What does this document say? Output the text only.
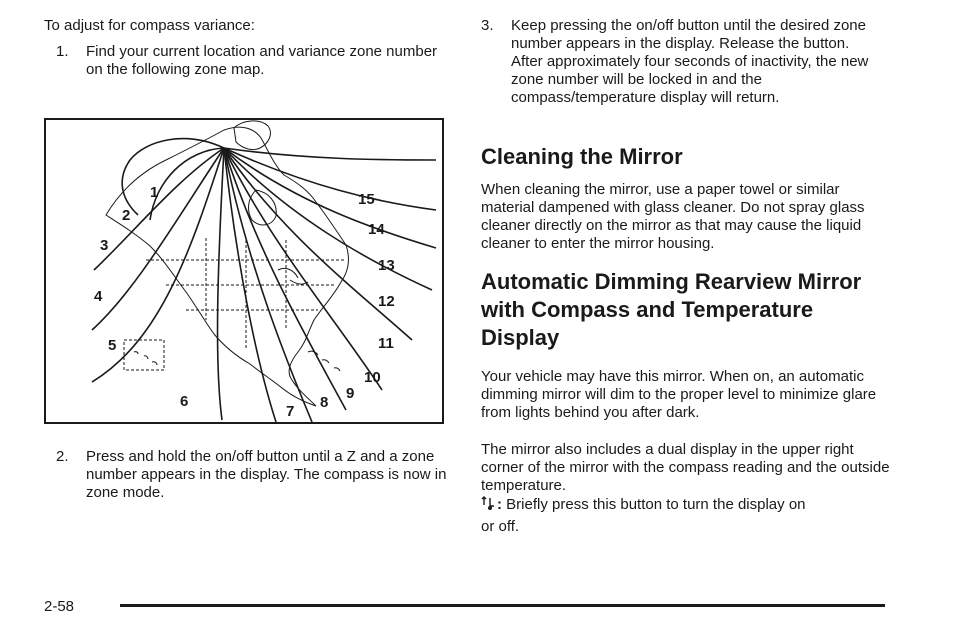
To adjust for compass variance:

1. Find your current location and variance zone number on the following zone map.
1
2
3
4
5
6
7
8
9
10
11
12
13
14
15
2. Press and hold the on/off button until a Z and a zone number appears in the display. The compass is now in zone mode.
3. Keep pressing the on/off button until the desired zone number appears in the display. Release the button. After approximately four seconds of inactivity, the new zone number will be locked in and the compass/temperature display will return.
Cleaning the Mirror

When cleaning the mirror, use a paper towel or similar material dampened with glass cleaner. Do not spray glass cleaner directly on the mirror as that may cause the liquid cleaner to enter the mirror housing.

Automatic Dimming Rearview Mirror
with Compass and Temperature
Display

Your vehicle may have this mirror. When on, an automatic dimming mirror will dim to the proper level to minimize glare from lights behind you after dark.

The mirror also includes a dual display in the upper right corner of the mirror with the compass reading and the outside temperature.

: Briefly press this button to turn the display on

or off.

2-58
